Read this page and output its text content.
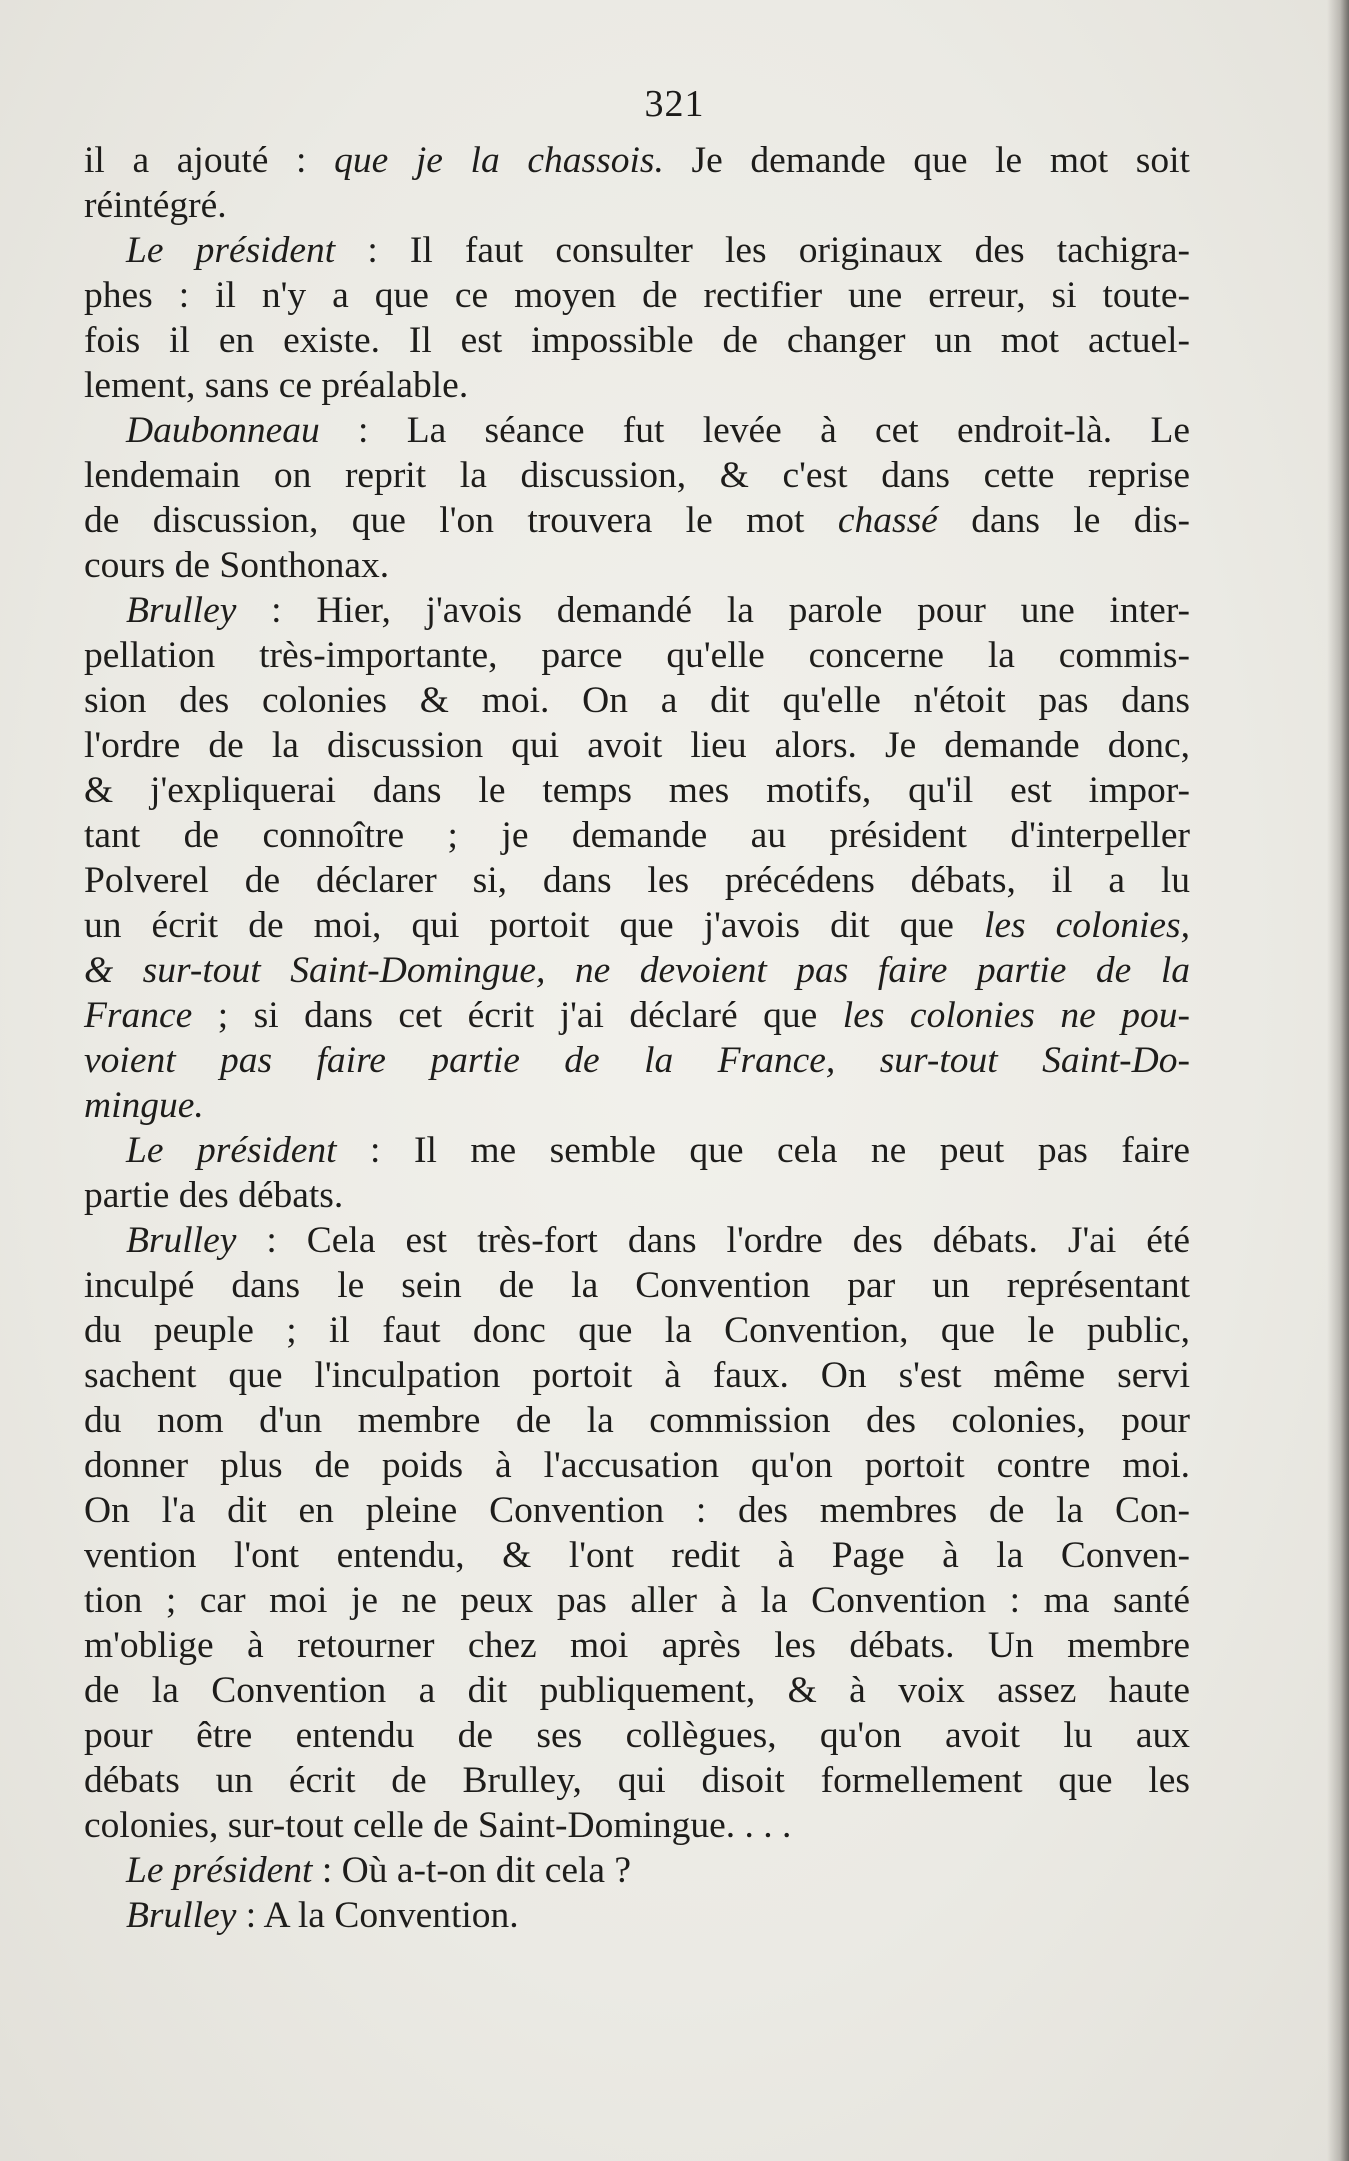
321
il a ajouté : que je la chassois. Je demande que le mot soit
réintégré.
Le président : Il faut consulter les originaux des tachigra-
phes : il n'y a que ce moyen de rectifier une erreur, si toute-
fois il en existe. Il est impossible de changer un mot actuel-
lement, sans ce préalable.
Daubonneau : La séance fut levée à cet endroit-là. Le
lendemain on reprit la discussion, & c'est dans cette reprise
de discussion, que l'on trouvera le mot chassé dans le dis-
cours de Sonthonax.
Brulley : Hier, j'avois demandé la parole pour une inter-
pellation très-importante, parce qu'elle concerne la commis-
sion des colonies & moi. On a dit qu'elle n'étoit pas dans
l'ordre de la discussion qui avoit lieu alors. Je demande donc,
& j'expliquerai dans le temps mes motifs, qu'il est impor-
tant de connoître ; je demande au président d'interpeller
Polverel de déclarer si, dans les précédens débats, il a lu
un écrit de moi, qui portoit que j'avois dit que les colonies,
& sur-tout Saint-Domingue, ne devoient pas faire partie de la
France ; si dans cet écrit j'ai déclaré que les colonies ne pou-
voient pas faire partie de la France, sur-tout Saint-Do-
mingue.
Le président : Il me semble que cela ne peut pas faire
partie des débats.
Brulley : Cela est très-fort dans l'ordre des débats. J'ai été
inculpé dans le sein de la Convention par un représentant
du peuple ; il faut donc que la Convention, que le public,
sachent que l'inculpation portoit à faux. On s'est même servi
du nom d'un membre de la commission des colonies, pour
donner plus de poids à l'accusation qu'on portoit contre moi.
On l'a dit en pleine Convention : des membres de la Con-
vention l'ont entendu, & l'ont redit à Page à la Conven-
tion ; car moi je ne peux pas aller à la Convention : ma santé
m'oblige à retourner chez moi après les débats. Un membre
de la Convention a dit publiquement, & à voix assez haute
pour être entendu de ses collègues, qu'on avoit lu aux
débats un écrit de Brulley, qui disoit formellement que les
colonies, sur-tout celle de Saint-Domingue. . . .
Le président : Où a-t-on dit cela ?
Brulley : A la Convention.
